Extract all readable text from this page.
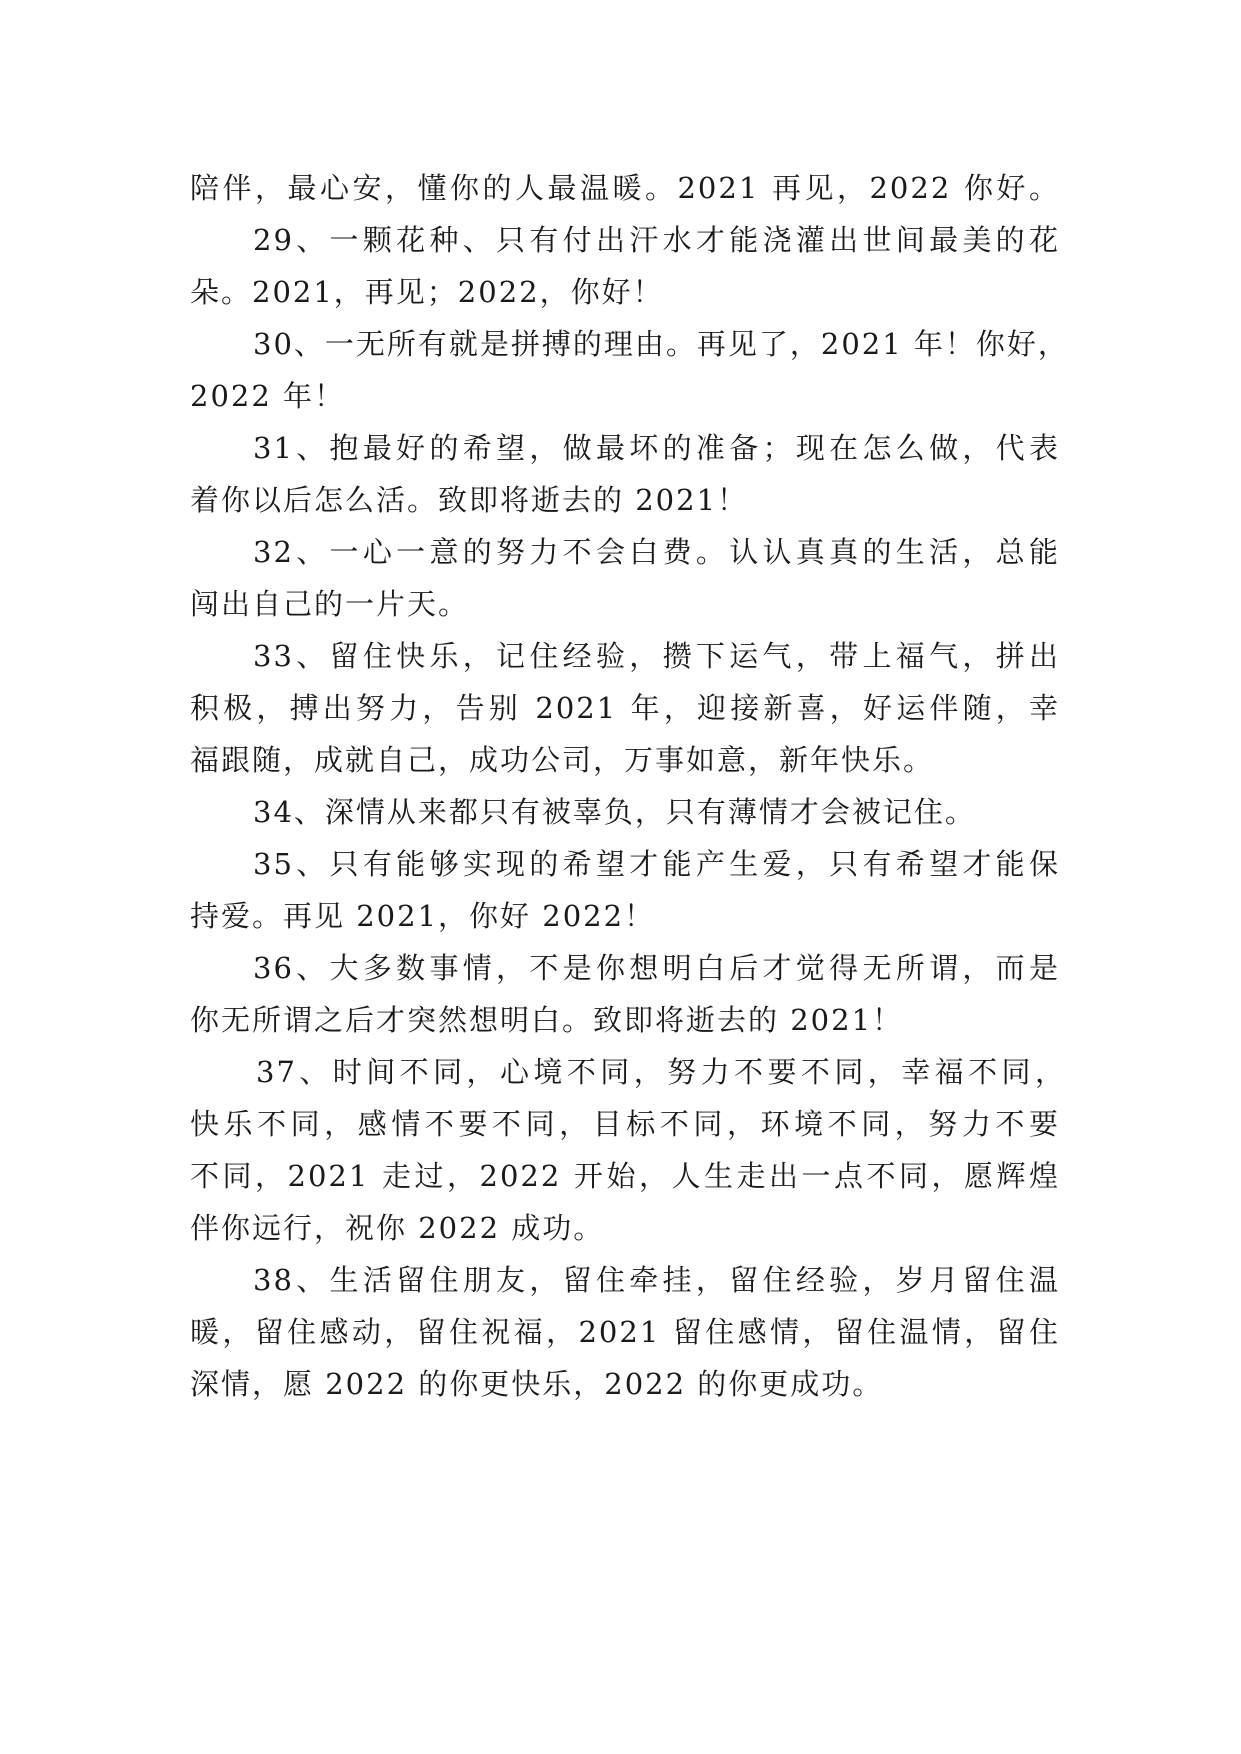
陪伴，最心安，懂你的人最温暖。2021 再见，2022 你好。
29、一颗花种、只有付出汗水才能浇灌出世间最美的花
朵。2021，再见；2022，你好！
30、一无所有就是拼搏的理由。再见了，2021 年！你好，
2022 年！
31、抱最好的希望，做最坏的准备；现在怎么做，代表
着你以后怎么活。致即将逝去的 2021！
32、一心一意的努力不会白费。认认真真的生活，总能
闯出自己的一片天。
33、留住快乐，记住经验，攒下运气，带上福气，拼出
积极，搏出努力，告别 2021 年，迎接新喜，好运伴随，幸
福跟随，成就自己，成功公司，万事如意，新年快乐。
34、深情从来都只有被辜负，只有薄情才会被记住。
35、只有能够实现的希望才能产生爱，只有希望才能保
持爱。再见 2021，你好 2022！
36、大多数事情，不是你想明白后才觉得无所谓，而是
你无所谓之后才突然想明白。致即将逝去的 2021！
37、时间不同，心境不同，努力不要不同，幸福不同，
快乐不同，感情不要不同，目标不同，环境不同，努力不要
不同，2021 走过，2022 开始，人生走出一点不同，愿辉煌
伴你远行，祝你 2022 成功。
38、生活留住朋友，留住牵挂，留住经验，岁月留住温
暖，留住感动，留住祝福，2021 留住感情，留住温情，留住
深情，愿 2022 的你更快乐，2022 的你更成功。
